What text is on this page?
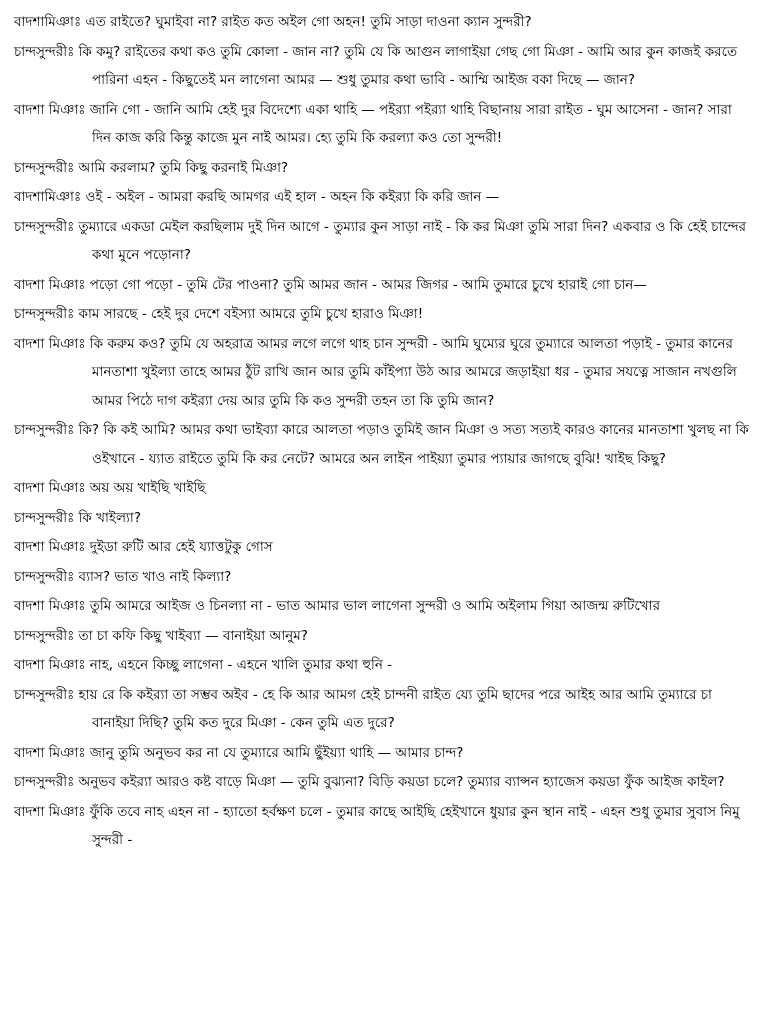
বাদশামিঞাঃ এত রাইতে? ঘুমাইবা না? রাইত কত অইল গো অহন! তুমি সাড়া দাওনা ক্যান সুন্দরী?

চান্দসুন্দরীঃ কি কমু? রাইতের কথা কও তুমি কোলা - জান না? তুমি যে কি আগুন লাগাইয়া গেছ গো মিঞা - আমি আর কুন কাজই করতে পারিনা এহন - কিছুতেই মন লাগেনা আমর — শুধু তুমার কথা ভাবি - আম্মি আইজ বকা দিছে — জান?

বাদশা মিঞাঃ জানি গো - জানি আমি হেই দুর বিদেশ্যে একা থাহি — পইর‍্যা পইর‍্যা থাহি বিছানায় সারা রাইত - ঘুম আসেনা - জান? সারা দিন কাজ করি কিন্তু কাজে মুন নাই আমর। হ্যে তুমি কি করল্যা কও তো সুন্দরী!

চান্দসুন্দরীঃ আমি করলাম? তুমি কিছু করনাই মিঞা?

বাদশামিঞাঃ ওই - অইল - আমরা করছি আমগর এই হাল - অহন কি কইর‍্যা কি করি জান —

চান্দসুন্দরীঃ তুম্যারে একডা মেইল করছিলাম দুই দিন আগে - তুম্যার কুন সাড়া নাই - কি কর মিঞা তুমি সারা দিন? একবার ও কি হেই চান্দের কথা মুনে পড়োনা?

বাদশা মিঞাঃ পড়ো গো পড়ো - তুমি টের পাওনা? তুমি আমর জান - আমর জিগর - আমি তুমারে চুখে হারাই গো চান—

চান্দসুন্দরীঃ কাম সারছে - হেই দুর দেশে বইস্যা আমরে তুমি চুখে হারাও মিঞা!

বাদশা মিঞাঃ কি করুম কও? তুমি যে অহরাত্র আমর লগে লগে থাহ চান সুন্দরী - আমি ঘুম্যের ঘুরে তুম্যারে আলতা পড়াই - তুমার কানের মানতাশা খুইল্যা তাহে আমর ঠুঁট রাখি জান আর তুমি কাঁইপ্যা উঠ আর আমরে জড়াইয়া ধর - তুমার সযত্নে সাজান নখগুলি আমর পিঠে দাগ কইর‍্যা দেয় আর তুমি কি কও সুন্দরী তহন তা কি তুমি জান?

চান্দসুন্দরীঃ কি? কি কই আমি? আমর কথা ভাইব্যা কারে আলতা পড়াও তুমিই জান মিঞা ও সত্য সত্যই কারও কানের মানতাশা খুলছ না কি ওইখানে - য্যাত রাইতে তুমি কি কর নেটে? আমরে অন লাইন পাইয়্যা তুমার প্যায়ার জাগছে বুঝি! খাইছ কিছু?

বাদশা মিঞাঃ অয় অয় খাইছি খাইছি

চান্দসুন্দরীঃ কি খাইল্যা?

বাদশা মিঞাঃ দুইডা রুটি আর হেই য্যাত্তটুকু গোস

চান্দসুন্দরীঃ ব্যাস? ভাত খাও নাই কিল্যা?

বাদশা মিঞাঃ তুমি আমরে আইজ ও চিনল্যা না - ভাত আমার ভাল লাগেনা সুন্দরী ও আমি অইলাম গিয়া আজন্ম রুটিখোর

চান্দসুন্দরীঃ তা চা কফি কিছু খাইব্যা — বানাইয়া আনুম?

বাদশা মিঞাঃ নাহ, এহনে কিচ্ছু লাগেনা - এহনে খালি তুমার কথা হুনি -

চান্দসুন্দরীঃ হায় রে কি কইর‍্যা তা সম্ভব অইব - হে কি আর আমগ হেই চান্দনী রাইত য্যে তুমি ছাদের পরে আইহ আর আমি তুম্যারে চা বানাইয়া দিছি? তুমি কত দুরে মিঞা - কেন তুমি এত দুরে?

বাদশা মিঞাঃ জানু তুমি অনুভব কর না যে তুম্যারে আমি ছুঁইয়্যা থাহি — আমার চান্দ?

চান্দসুন্দরীঃ অনুভব কইর‍্যা আরও কষ্ট বাড়ে মিঞা — তুমি বুঝ্যনা? বিড়ি কয়ডা চলে? তুম্যার ব্যান্সন হ্যাজেস কয়ডা ফুঁক আইজ কাইল?

বাদশা মিঞাঃ ফুঁকি তবে নাহ এহন না - হ্যাতো হর্বক্ষণ চলে - তুমার কাছে আইছি হেইখানে ধুয়ার কুন স্থান নাই - এহন শুধু তুমার সুবাস নিমু সুন্দরী -
